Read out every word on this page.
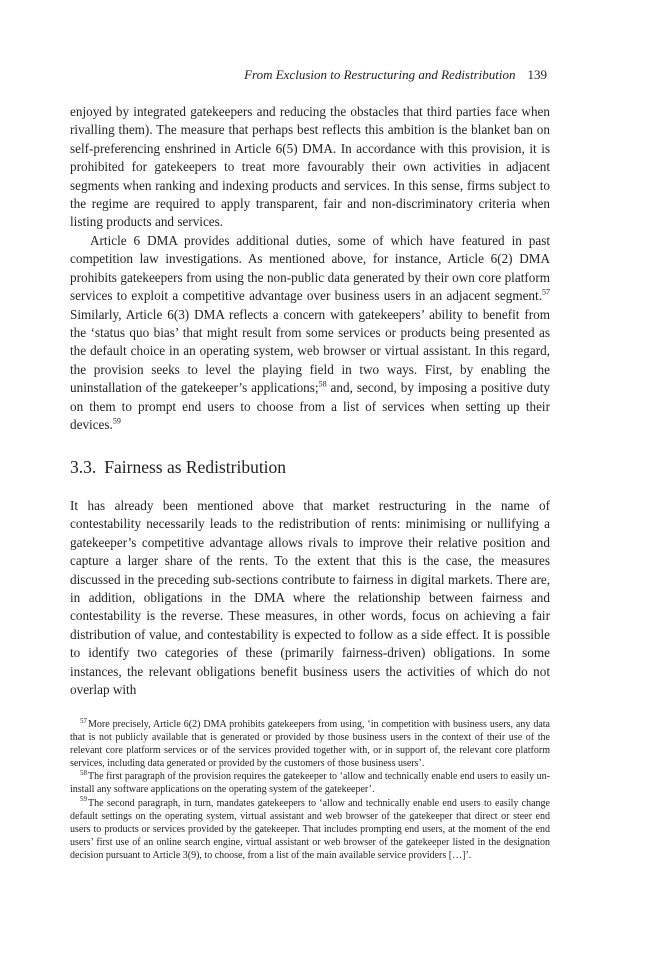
From Exclusion to Restructuring and Redistribution 139

enjoyed by integrated gatekeepers and reducing the obstacles that third parties face when rivalling them). The measure that perhaps best reflects this ambition is the blanket ban on self-preferencing enshrined in Article 6(5) DMA. In accordance with this provision, it is prohibited for gatekeepers to treat more favourably their own activities in adjacent segments when ranking and indexing products and services. In this sense, firms subject to the regime are required to apply transparent, fair and non-discriminatory criteria when listing products and services.

Article 6 DMA provides additional duties, some of which have featured in past competition law investigations. As mentioned above, for instance, Article 6(2) DMA prohibits gatekeepers from using the non-public data generated by their own core platform services to exploit a competitive advantage over business users in an adjacent segment.$^{57}$ Similarly, Article 6(3) DMA reflects a concern with gatekeepers’ ability to benefit from the ‘status quo bias’ that might result from some services or products being presented as the default choice in an operating system, web browser or virtual assistant. In this regard, the provision seeks to level the playing field in two ways. First, by enabling the uninstallation of the gatekeeper’s applications;$^{58}$ and, second, by imposing a positive duty on them to prompt end users to choose from a list of services when setting up their devices.$^{59}$

3.3. Fairness as Redistribution

It has already been mentioned above that market restructuring in the name of contestability necessarily leads to the redistribution of rents: minimising or nullifying a gatekeeper’s competitive advantage allows rivals to improve their relative position and capture a larger share of the rents. To the extent that this is the case, the measures discussed in the preceding sub-sections contribute to fairness in digital markets. There are, in addition, obligations in the DMA where the relationship between fairness and contestability is the reverse. These measures, in other words, focus on achieving a fair distribution of value, and contestability is expected to follow as a side effect. It is possible to identify two categories of these (primarily fairness-driven) obligations. In some instances, the relevant obligations benefit business users the activities of which do not overlap with

$^{57}$More precisely, Article 6(2) DMA prohibits gatekeepers from using, ‘in competition with business users, any data that is not publicly available that is generated or provided by those business users in the context of their use of the relevant core platform services or of the services provided together with, or in support of, the relevant core platform services, including data generated or provided by the customers of those business users’.

$^{58}$The first paragraph of the provision requires the gatekeeper to ‘allow and technically enable end users to easily un-install any software applications on the operating system of the gatekeeper’.

$^{59}$The second paragraph, in turn, mandates gatekeepers to ‘allow and technically enable end users to easily change default settings on the operating system, virtual assistant and web browser of the gatekeeper that direct or steer end users to products or services provided by the gatekeeper. That includes prompting end users, at the moment of the end users’ first use of an online search engine, virtual assistant or web browser of the gatekeeper listed in the designation decision pursuant to Article 3(9), to choose, from a list of the main available service providers […]’.
